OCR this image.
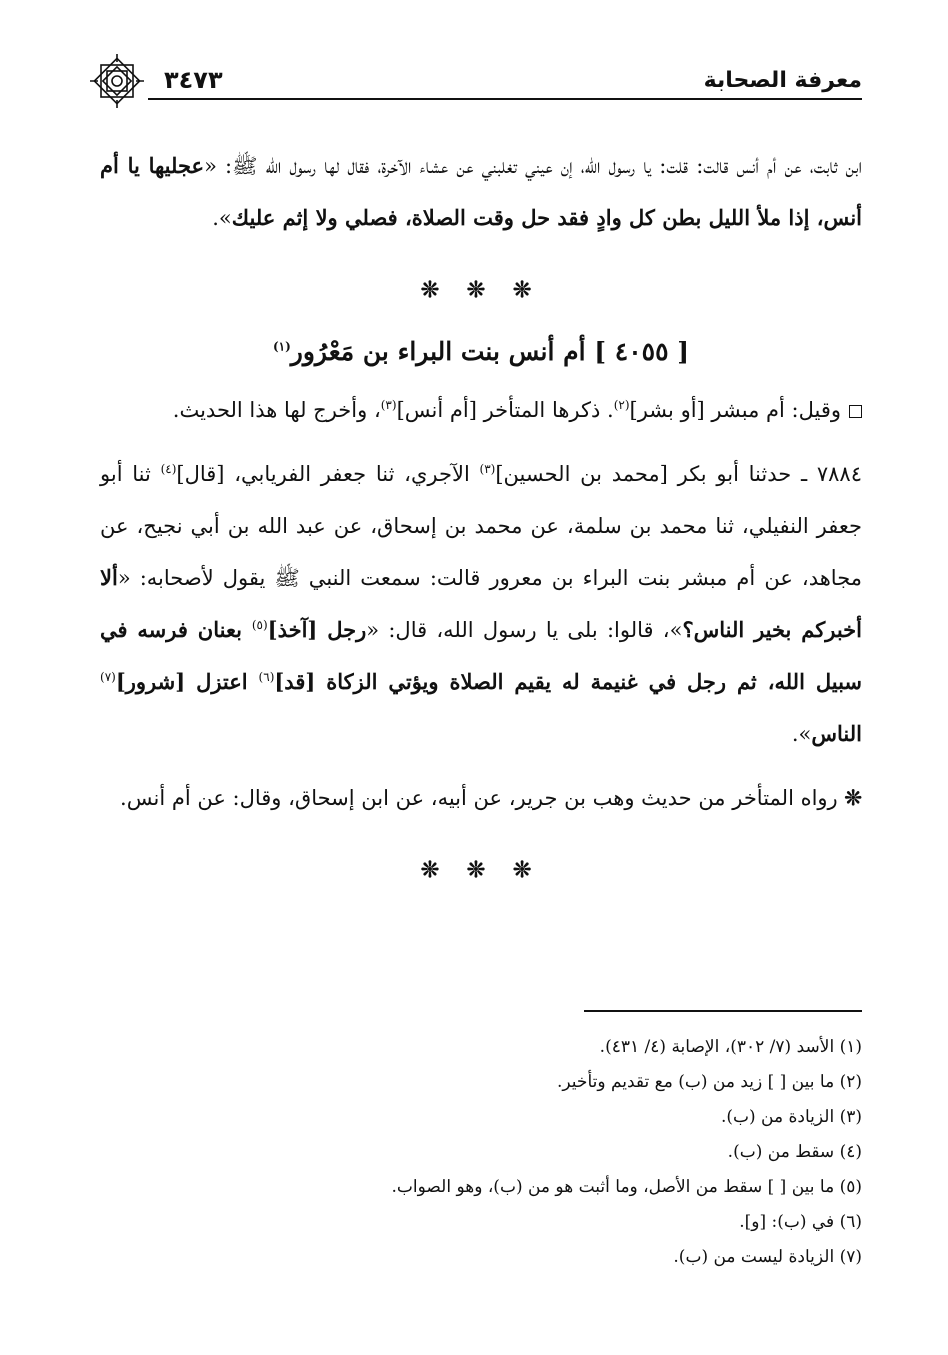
٣٤٧٣	معرفة الصحابة

ابن ثابت، عن أم أنس قالت: قلت: يا رسول الله، إن عيني تغلبني عن عشاء الآخرة، فقال لها رسول الله ﷺ: «عجليها يا أم أنس، إذا ملأ الليل بطن كل وادٍ فقد حل وقت الصلاة، فصلي ولا إثم عليك».

❊ ❊ ❊
[ ٤٠٥٥ ] أم أنس بنت البراء بن مَعْرُور$^{(١)}$

وقيل: أم مبشر [أو بشر]$^{(٢)}$. ذكرها المتأخر [أم أنس]$^{(٣)}$، وأخرج لها هذا الحديث.

٧٨٨٤ ـ حدثنا أبو بكر [محمد بن الحسين]$^{(٣)}$ الآجري، ثنا جعفر الفريابي، [قال]$^{(٤)}$ ثنا أبو جعفر النفيلي، ثنا محمد بن سلمة، عن محمد بن إسحاق، عن عبد الله بن أبي نجيح، عن مجاهد، عن أم مبشر بنت البراء بن معرور قالت: سمعت النبي ﷺ يقول لأصحابه: «ألا أخبركم بخير الناس؟»، قالوا: بلى يا رسول الله، قال: «رجل [آخذ]$^{(٥)}$ بعنان فرسه في سبيل الله، ثم رجل في غنيمة له يقيم الصلاة ويؤتي الزكاة [قد]$^{(٦)}$ اعتزل [شرور]$^{(٧)}$ الناس».

❊ رواه المتأخر من حديث وهب بن جرير، عن أبيه، عن ابن إسحاق، وقال: عن أم أنس.

❊ ❊ ❊

(١) الأسد (٧/ ٣٠٢)، الإصابة (٤/ ٤٣١).

(٢) ما بين [ ] زيد من (ب) مع تقديم وتأخير.

(٣) الزيادة من (ب).

(٤) سقط من (ب).

(٥) ما بين [ ] سقط من الأصل، وما أثبت هو من (ب)، وهو الصواب.

(٦) في (ب): [و].

(٧) الزيادة ليست من (ب).
